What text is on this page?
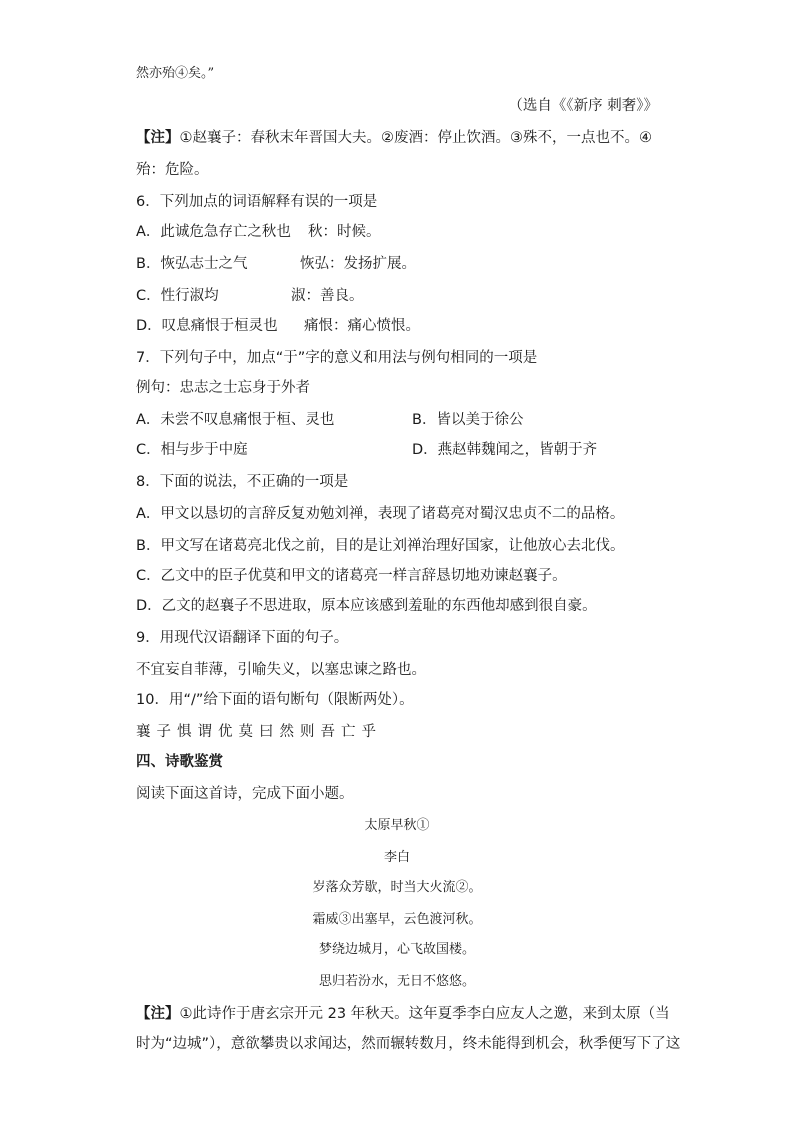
然亦殆④矣。”
（选自《《新序 刺奢》》
【注】①赵襄子：春秋末年晋国大夫。②废酒：停止饮酒。③殊不，一点也不。④
殆：危险。
6．下列加点的词语解释有误的一项是
A．此诚危急存亡之秋也 秋：时候。
B．恢弘志士之气	恢弘：发扬扩展。
C．性行淑均	淑：善良。
D．叹息痛恨于桓灵也 痛恨：痛心愤恨。
7．下列句子中，加点“于”字的意义和用法与例句相同的一项是
例句：忠志之士忘身于外者
A．未尝不叹息痛恨于桓、灵也	B．皆以美于徐公
C．相与步于中庭	D．燕赵韩魏闻之，皆朝于齐
8．下面的说法，不正确的一项是
A．甲文以恳切的言辞反复劝勉刘禅，表现了诸葛亮对蜀汉忠贞不二的品格。
B．甲文写在诸葛亮北伐之前，目的是让刘禅治理好国家，让他放心去北伐。
C．乙文中的臣子优莫和甲文的诸葛亮一样言辞恳切地劝谏赵襄子。
D．乙文的赵襄子不思进取，原本应该感到羞耻的东西他却感到很自豪。
9．用现代汉语翻译下面的句子。
不宜妄自菲薄，引喻失义，以塞忠谏之路也。
10．用“/”给下面的语句断句（限断两处）。
襄子惧谓优莫曰然则吾亡乎
四、诗歌鉴赏
阅读下面这首诗，完成下面小题。
太原早秋①
李白
岁落众芳歇，时当大火流②。
霜威③出塞早，云色渡河秋。
梦绕边城月，心飞故国楼。
思归若汾水，无日不悠悠。
【注】①此诗作于唐玄宗开元 23 年秋天。这年夏季李白应友人之邀，来到太原（当
时为“边城”），意欲攀贵以求闻达，然而辗转数月，终未能得到机会，秋季便写下了这
